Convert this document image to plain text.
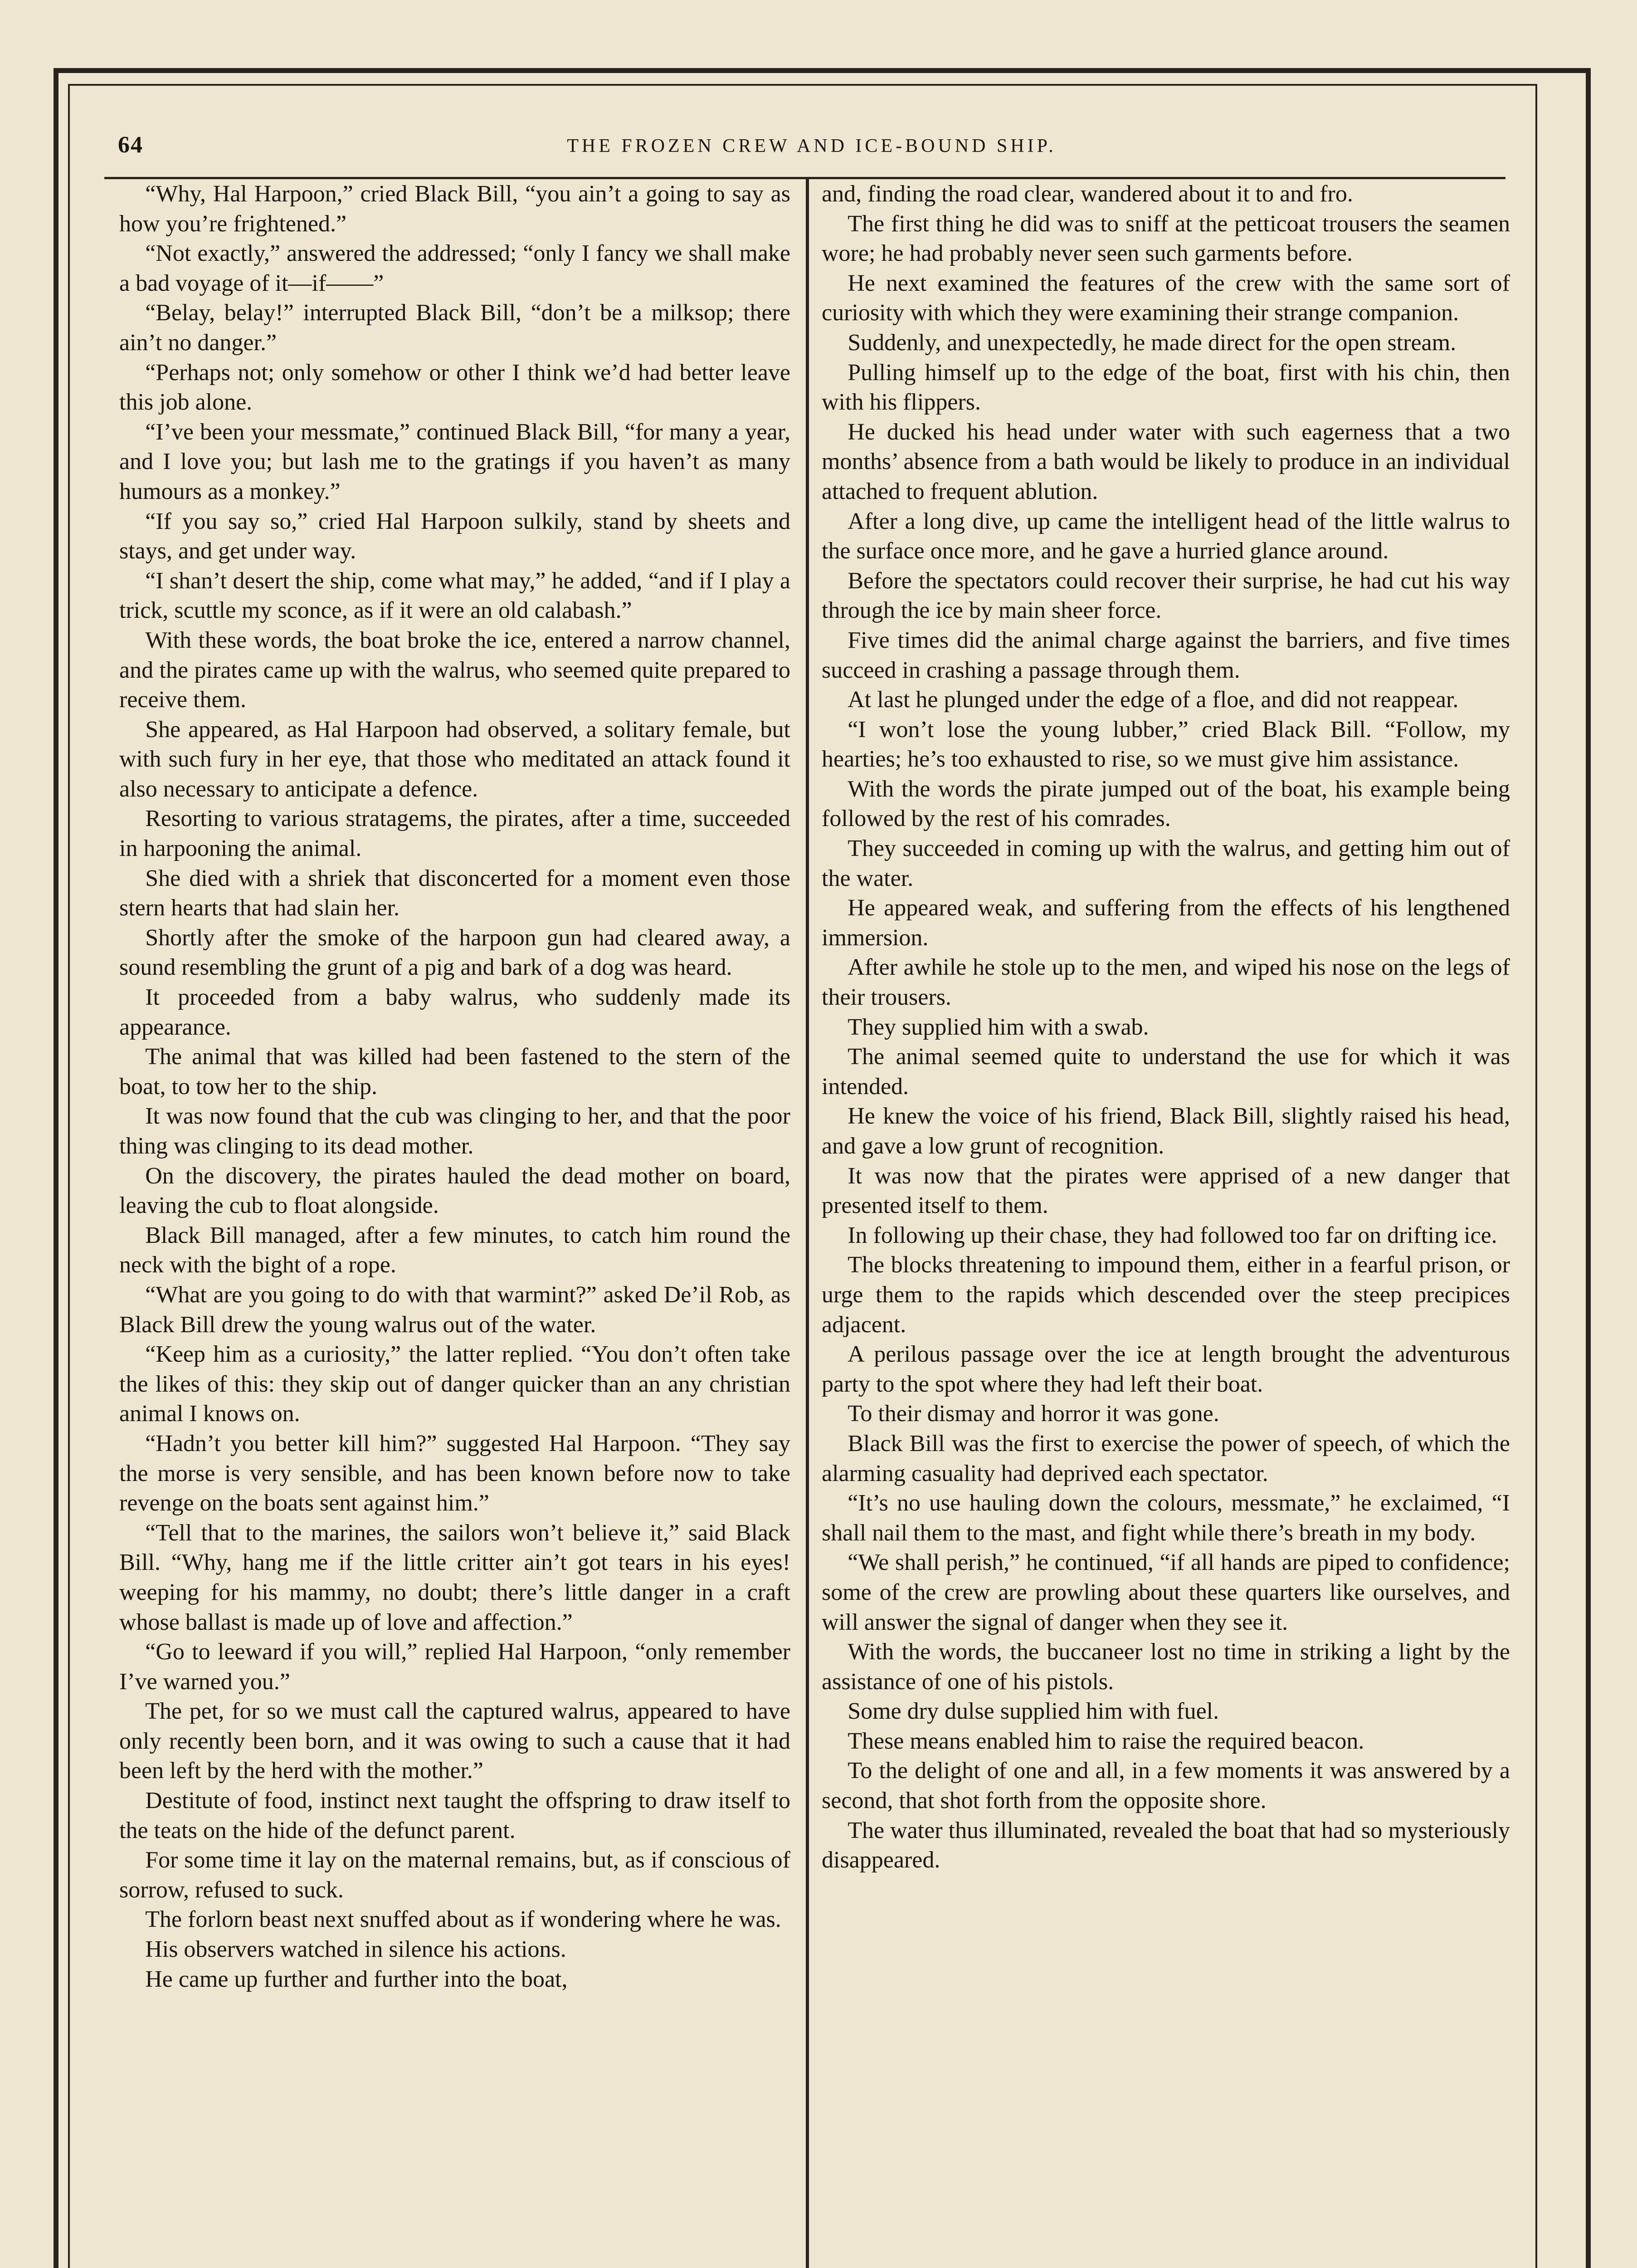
64	THE FROZEN CREW AND ICE-BOUND SHIP.

“Why, Hal Harpoon,” cried Black Bill, “you ain’t a going to say as how you’re frightened.”

“Not exactly,” answered the addressed; “only I fancy we shall make a bad voyage of it—if——”

“Belay, belay!” interrupted Black Bill, “don’t be a milksop; there ain’t no danger.”

“Perhaps not; only somehow or other I think we’d had better leave this job alone.

“I’ve been your messmate,” continued Black Bill, “for many a year, and I love you; but lash me to the gratings if you haven’t as many humours as a monkey.”

“If you say so,” cried Hal Harpoon sulkily, stand by sheets and stays, and get under way.

“I shan’t desert the ship, come what may,” he added, “and if I play a trick, scuttle my sconce, as if it were an old calabash.”

With these words, the boat broke the ice, entered a narrow channel, and the pirates came up with the walrus, who seemed quite prepared to receive them.

She appeared, as Hal Harpoon had observed, a solitary female, but with such fury in her eye, that those who meditated an attack found it also necessary to anticipate a defence.

Resorting to various stratagems, the pirates, after a time, succeeded in harpooning the animal.

She died with a shriek that disconcerted for a moment even those stern hearts that had slain her.

Shortly after the smoke of the harpoon gun had cleared away, a sound resembling the grunt of a pig and bark of a dog was heard.

It proceeded from a baby walrus, who suddenly made its appearance.

The animal that was killed had been fastened to the stern of the boat, to tow her to the ship.

It was now found that the cub was clinging to her, and that the poor thing was clinging to its dead mother.

On the discovery, the pirates hauled the dead mother on board, leaving the cub to float alongside.

Black Bill managed, after a few minutes, to catch him round the neck with the bight of a rope.

“What are you going to do with that warmint?” asked De’il Rob, as Black Bill drew the young walrus out of the water.

“Keep him as a curiosity,” the latter replied. “You don’t often take the likes of this: they skip out of danger quicker than an any christian animal I knows on.

“Hadn’t you better kill him?” suggested Hal Harpoon. “They say the morse is very sensible, and has been known before now to take revenge on the boats sent against him.”

“Tell that to the marines, the sailors won’t believe it,” said Black Bill. “Why, hang me if the little critter ain’t got tears in his eyes! weeping for his mammy, no doubt; there’s little danger in a craft whose ballast is made up of love and affection.”

“Go to leeward if you will,” replied Hal Harpoon, “only remember I’ve warned you.”

The pet, for so we must call the captured walrus, appeared to have only recently been born, and it was owing to such a cause that it had been left by the herd with the mother.”

Destitute of food, instinct next taught the offspring to draw itself to the teats on the hide of the defunct parent.

For some time it lay on the maternal remains, but, as if conscious of sorrow, refused to suck.

The forlorn beast next snuffed about as if wondering where he was.

His observers watched in silence his actions.

He came up further and further into the boat,

and, finding the road clear, wandered about it to and fro.

The first thing he did was to sniff at the petticoat trousers the seamen wore; he had probably never seen such garments before.

He next examined the features of the crew with the same sort of curiosity with which they were examining their strange companion.

Suddenly, and unexpectedly, he made direct for the open stream.

Pulling himself up to the edge of the boat, first with his chin, then with his flippers.

He ducked his head under water with such eagerness that a two months’ absence from a bath would be likely to produce in an individual attached to frequent ablution.

After a long dive, up came the intelligent head of the little walrus to the surface once more, and he gave a hurried glance around.

Before the spectators could recover their surprise, he had cut his way through the ice by main sheer force.

Five times did the animal charge against the barriers, and five times succeed in crashing a passage through them.

At last he plunged under the edge of a floe, and did not reappear.

“I won’t lose the young lubber,” cried Black Bill. “Follow, my hearties; he’s too exhausted to rise, so we must give him assistance.

With the words the pirate jumped out of the boat, his example being followed by the rest of his comrades.

They succeeded in coming up with the walrus, and getting him out of the water.

He appeared weak, and suffering from the effects of his lengthened immersion.

After awhile he stole up to the men, and wiped his nose on the legs of their trousers.

They supplied him with a swab.

The animal seemed quite to understand the use for which it was intended.

He knew the voice of his friend, Black Bill, slightly raised his head, and gave a low grunt of recognition.

It was now that the pirates were apprised of a new danger that presented itself to them.

In following up their chase, they had followed too far on drifting ice.

The blocks threatening to impound them, either in a fearful prison, or urge them to the rapids which descended over the steep precipices adjacent.

A perilous passage over the ice at length brought the adventurous party to the spot where they had left their boat.

To their dismay and horror it was gone.

Black Bill was the first to exercise the power of speech, of which the alarming casuality had deprived each spectator.

“It’s no use hauling down the colours, messmate,” he exclaimed, “I shall nail them to the mast, and fight while there’s breath in my body.

“We shall perish,” he continued, “if all hands are piped to confidence; some of the crew are prowling about these quarters like ourselves, and will answer the signal of danger when they see it.

With the words, the buccaneer lost no time in striking a light by the assistance of one of his pistols.

Some dry dulse supplied him with fuel.

These means enabled him to raise the required beacon.

To the delight of one and all, in a few moments it was answered by a second, that shot forth from the opposite shore.

The water thus illuminated, revealed the boat that had so mysteriously disappeared.
